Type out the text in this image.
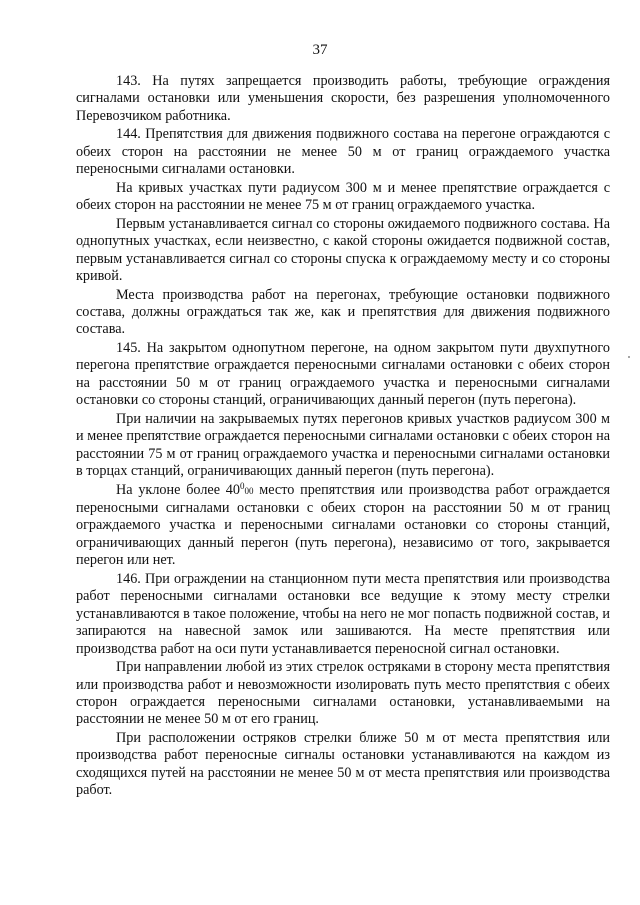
37

143. На путях запрещается производить работы, требующие ограждения сигналами остановки или уменьшения скорости, без разрешения уполномоченного Перевозчиком работника.

144. Препятствия для движения подвижного состава на перегоне ограждаются с обеих сторон на расстоянии не менее 50 м от границ ограждаемого участка переносными сигналами остановки.

На кривых участках пути радиусом 300 м и менее препятствие ограждается с обеих сторон на расстоянии не менее 75 м от границ ограждаемого участка.

Первым устанавливается сигнал со стороны ожидаемого подвижного состава. На однопутных участках, если неизвестно, с какой стороны ожидается подвижной состав, первым устанавливается сигнал со стороны спуска к ограждаемому месту и со стороны кривой.

Места производства работ на перегонах, требующие остановки подвижного состава, должны ограждаться так же, как и препятствия для движения подвижного состава.

145. На закрытом однопутном перегоне, на одном закрытом пути двухпутного перегона препятствие ограждается переносными сигналами остановки с обеих сторон на расстоянии 50 м от границ ограждаемого участка и переносными сигналами остановки со стороны станций, ограничивающих данный перегон (путь перегона).

При наличии на закрываемых путях перегонов кривых участков радиусом 300 м и менее препятствие ограждается переносными сигналами остановки с обеих сторон на расстоянии 75 м от границ ограждаемого участка и переносными сигналами остановки в торцах станций, ограничивающих данный перегон (путь перегона).

На уклоне более $40^000$ место препятствия или производства работ ограждается переносными сигналами остановки с обеих сторон на расстоянии 50 м от границ ограждаемого участка и переносными сигналами остановки со стороны станций, ограничивающих данный перегон (путь перегона), независимо от того, закрывается перегон или нет.

146. При ограждении на станционном пути места препятствия или производства работ переносными сигналами остановки все ведущие к этому месту стрелки устанавливаются в такое положение, чтобы на него не мог попасть подвижной состав, и запираются на навесной замок или зашиваются. На месте препятствия или производства работ на оси пути устанавливается переносной сигнал остановки.

При направлении любой из этих стрелок остряками в сторону места препятствия или производства работ и невозможности изолировать путь место препятствия с обеих сторон ограждается переносными сигналами остановки, устанавливаемыми на расстоянии не менее 50 м от его границ.

При расположении остряков стрелки ближе 50 м от места препятствия или производства работ переносные сигналы остановки устанавливаются на каждом из сходящихся путей на расстоянии не менее 50 м от места препятствия или производства работ.
